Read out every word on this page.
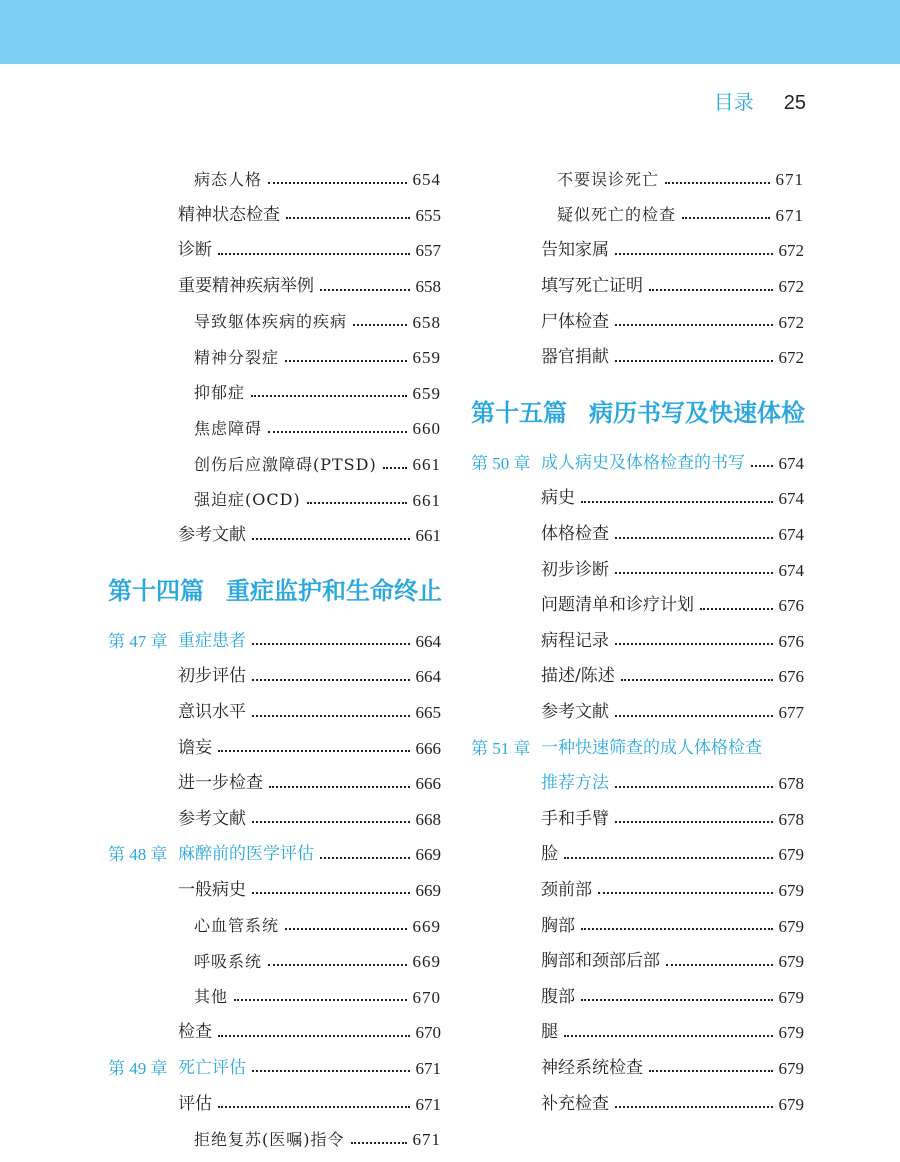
目录 25
病态人格	654
精神状态检查	655
诊断	657
重要精神疾病举例	658
导致躯体疾病的疾病	658
精神分裂症	659
抑郁症	659
焦虑障碍	660
创伤后应激障碍(PTSD) 661
强迫症(OCD)	661
参考文献	661
第十四篇 重症监护和生命终止
第 47 章 重症患者	664
初步评估	664
意识水平	665
谵妄	666
进一步检查	666
参考文献	668
第 48 章 麻醉前的医学评估	669
一般病史	669
心血管系统	669
呼吸系统	669
其他	670
检查	670
第 49 章 死亡评估	671
评估	671
拒绝复苏(医嘱)指令	671
不要误诊死亡	671
疑似死亡的检查	671
告知家属	672
填写死亡证明	672
尸体检查	672
器官捐献	672
第十五篇 病历书写及快速体检
第 50 章 成人病史及体格检查的书写 674
病史	674
体格检查	674
初步诊断	674
问题清单和诊疗计划	676
病程记录	676
描述/陈述	676
参考文献	677
第 51 章 一种快速筛查的成人体格检查
推荐方法	678
手和手臂	678
脸	679
颈前部	679
胸部	679
胸部和颈部后部	679
腹部	679
腿	679
神经系统检查	679
补充检查	679
